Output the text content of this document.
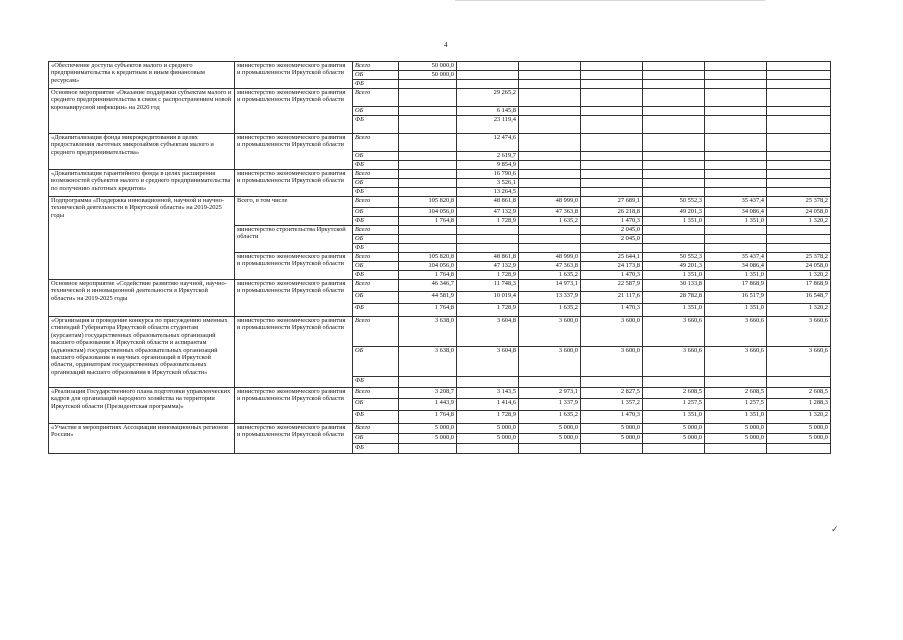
4
«Обеспечение доступа субъектов малого и среднего предпринимательства к кредитным и иным финансовым ресурсам»	министерство экономического развития и промышленности Иркутской области	Всего	50 000,0						
		ОБ	50 000,0						
		ФБ							
Основное мероприятие «Оказание поддержки субъектам малого и среднего предпринимательства в связи с распространением новой коронавирусной инфекции» на 2020 год	министерство экономического развития и промышленности Иркутской области	Всего		29 265,2					
		ОБ		6 145,8					
		ФБ		23 119,4					
«Докапитализация фонда микрокредитования в целях предоставления льготных микрозаймов субъектам малого и среднего предпринимательства»	министерство экономического развития и промышленности Иркутской области	Всего		12 474,6					
		ОБ		2 619,7					
		ФБ		9 854,9					
«Докапитализация гарантийного фонда в целях расширения возможностей субъектов малого и среднего предпринимательства по получению льготных кредитов»	министерство экономического развития и промышленности Иркутской области	Всего		16 790,6					
		ОБ		3 526,1					
		ФБ		13 264,5					
Подпрограмма «Поддержка инновационной, научной и научно-технической деятельности в Иркутской области» на 2019-2025 годы	Всего, в том числе	Всего	105 820,8	48 861,8	48 999,0	27 689,1	50 552,3	35 437,4	25 378,2
		ОБ	104 056,0	47 132,9	47 363,8	26 218,8	49 201,3	34 086,4	24 058,0
		ФБ	1 764,8	1 728,9	1 635,2	1 470,3	1 351,0	1 351,0	1 320,2
	министерство строительства Иркутской области	Всего				2 045,0			
		ОБ				2 045,0			
		ФБ							
	министерство экономического развития и промышленности Иркутской области	Всего	105 820,8	48 861,8	48 999,0	25 644,1	50 552,3	35 437,4	25 378,2
		ОБ	104 056,0	47 132,9	47 363,8	24 173,8	49 201,3	34 086,4	24 058,0
		ФБ	1 764,8	1 728,9	1 635,2	1 470,3	1 351,0	1 351,0	1 320,2
Основное мероприятие «Содействие развитию научной, научно-технической и инновационной деятельности в Иркутской области» на 2019-2025 годы	министерство экономического развития и промышленности Иркутской области	Всего	46 346,7	11 748,3	14 973,1	22 587,9	30 133,8	17 868,9	17 868,9
		ОБ	44 581,9	10 019,4	13 337,9	21 117,6	28 782,8	16 517,9	16 548,7
		ФБ	1 764,8	1 728,9	1 635,2	1 470,3	1 351,0	1 351,0	1 320,2
«Организация и проведение конкурса по присуждению именных стипендий Губернатора Иркутской области студентам (курсантам) государственных образовательных организаций высшего образования в Иркутской области и аспирантам (адъюнктам) государственных образовательных организаций высшего образования и научных организаций в Иркутской области, ординаторам государственных образовательных организаций высшего образования в Иркутской области»	министерство экономического развития и промышленности Иркутской области	Всего	3 638,0	3 604,8	3 600,0	3 600,0	3 660,6	3 660,6	3 660,6
		ОБ	3 638,0	3 604,8	3 600,0	3 600,0	3 660,6	3 660,6	3 660,6
		ФБ							
«Реализация Государственного плана подготовки управленческих кадров для организаций народного хозяйства на территории Иркутской области (Президентская программа)»	министерство экономического развития и промышленности Иркутской области	Всего	3 208,7	3 143,5	2 973,1	2 827,5	2 608,5	2 608,5	2 608,5
		ОБ	1 443,9	1 414,6	1 337,9	1 357,2	1 257,5	1 257,5	1 288,3
		ФБ	1 764,8	1 728,9	1 635,2	1 470,3	1 351,0	1 351,0	1 320,2
«Участие в мероприятиях Ассоциации инновационных регионов России»	министерство экономического развития и промышленности Иркутской области	Всего	5 000,0	5 000,0	5 000,0	5 000,0	5 000,0	5 000,0	5 000,0
		ОБ	5 000,0	5 000,0	5 000,0	5 000,0	5 000,0	5 000,0	5 000,0
		ФБ							
✓
